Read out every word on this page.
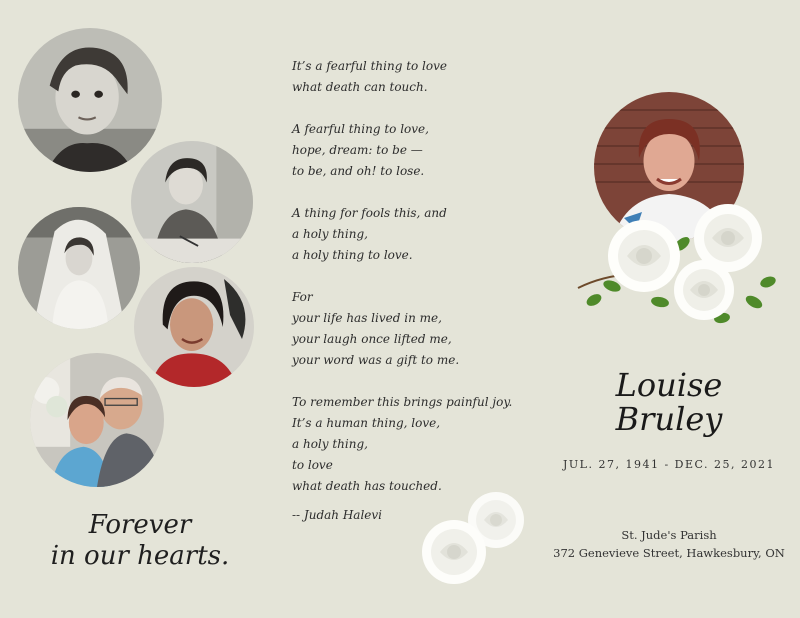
Forever
in our hearts.
It’s a fearful thing to love
what death can touch.
A fearful thing to love,
hope, dream: to be —
to be, and oh! to lose.
A thing for fools this, and
a holy thing,
a holy thing to love.
For
your life has lived in me,
your laugh once lifted me,
your word was a gift to me.
To remember this brings painful joy.
It’s a human thing, love,
a holy thing,
to love
what death has touched.
-- Judah Halevi
Louise
Bruley
JUL. 27, 1941 - DEC. 25, 2021
St. Jude's Parish
372 Genevieve Street, Hawkesbury, ON
